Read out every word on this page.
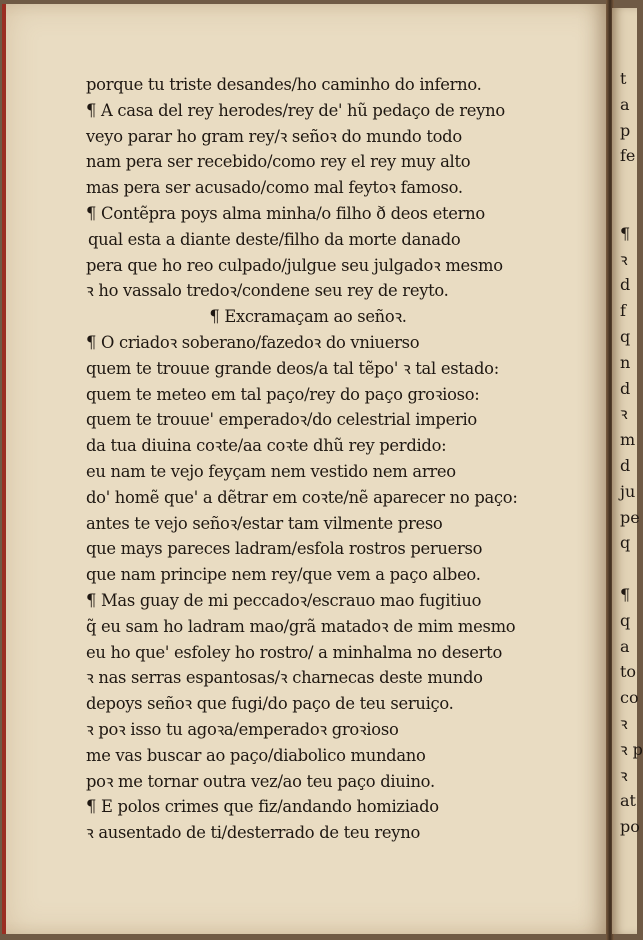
porque tu triste desandes/ho caminho do inferno.
¶ A casa del rey herodes/rey de' hũ pedaço de reyno
veyo parar ho gram rey/ꝛ señoꝛ do mundo todo
nam pera ser recebido/como rey el rey muy alto
mas pera ser acusado/como mal feytoꝛ famoso.
¶ Contẽpra poys alma minha/o filho ð deos eterno
qual esta a diante deste/filho da morte danado
pera que ho reo culpado/julgue seu julgadoꝛ mesmo
ꝛ ho vassalo tredoꝛ/condene seu rey de reyto.
¶ Excramaçam ao señoꝛ.
¶ O criadoꝛ soberano/fazedoꝛ do vniuerso
quem te trouue grande deos/a tal tẽpo' ꝛ tal estado:
quem te meteo em tal paço/rey do paço groꝛioso:
quem te trouue' emperadoꝛ/do celestrial imperio
da tua diuina coꝛte/aa coꝛte dhũ rey perdido:
eu nam te vejo feyçam nem vestido nem arreo
do' homẽ que' a dẽtrar em coꝛte/nẽ aparecer no paço:
antes te vejo señoꝛ/estar tam vilmente preso
que mays pareces ladram/esfola rostros peruerso
que nam principe nem rey/que vem a paço albeo.
¶ Mas guay de mi peccadoꝛ/escrauo mao fugitiuo
q̃ eu sam ho ladram mao/grã matadoꝛ de mim mesmo
eu ho que' esfoley ho rostro/ a minhalma no deserto
ꝛ nas serras espantosas/ꝛ charnecas deste mundo
depoys señoꝛ que fugi/do paço de teu seruiço.
ꝛ poꝛ isso tu agoꝛa/emperadoꝛ groꝛioso
me vas buscar ao paço/diabolico mundano
poꝛ me tornar outra vez/ao teu paço diuino.
¶ E polos crimes que fiz/andando homiziado
ꝛ ausentado de ti/desterrado de teu reyno
t
a
p
fe
¶
ꝛ
d
f
q
n
d
ꝛ
m
d
ju
pe
q
¶
q
a
to
co
ꝛ
ꝛ p
ꝛ
at
po
